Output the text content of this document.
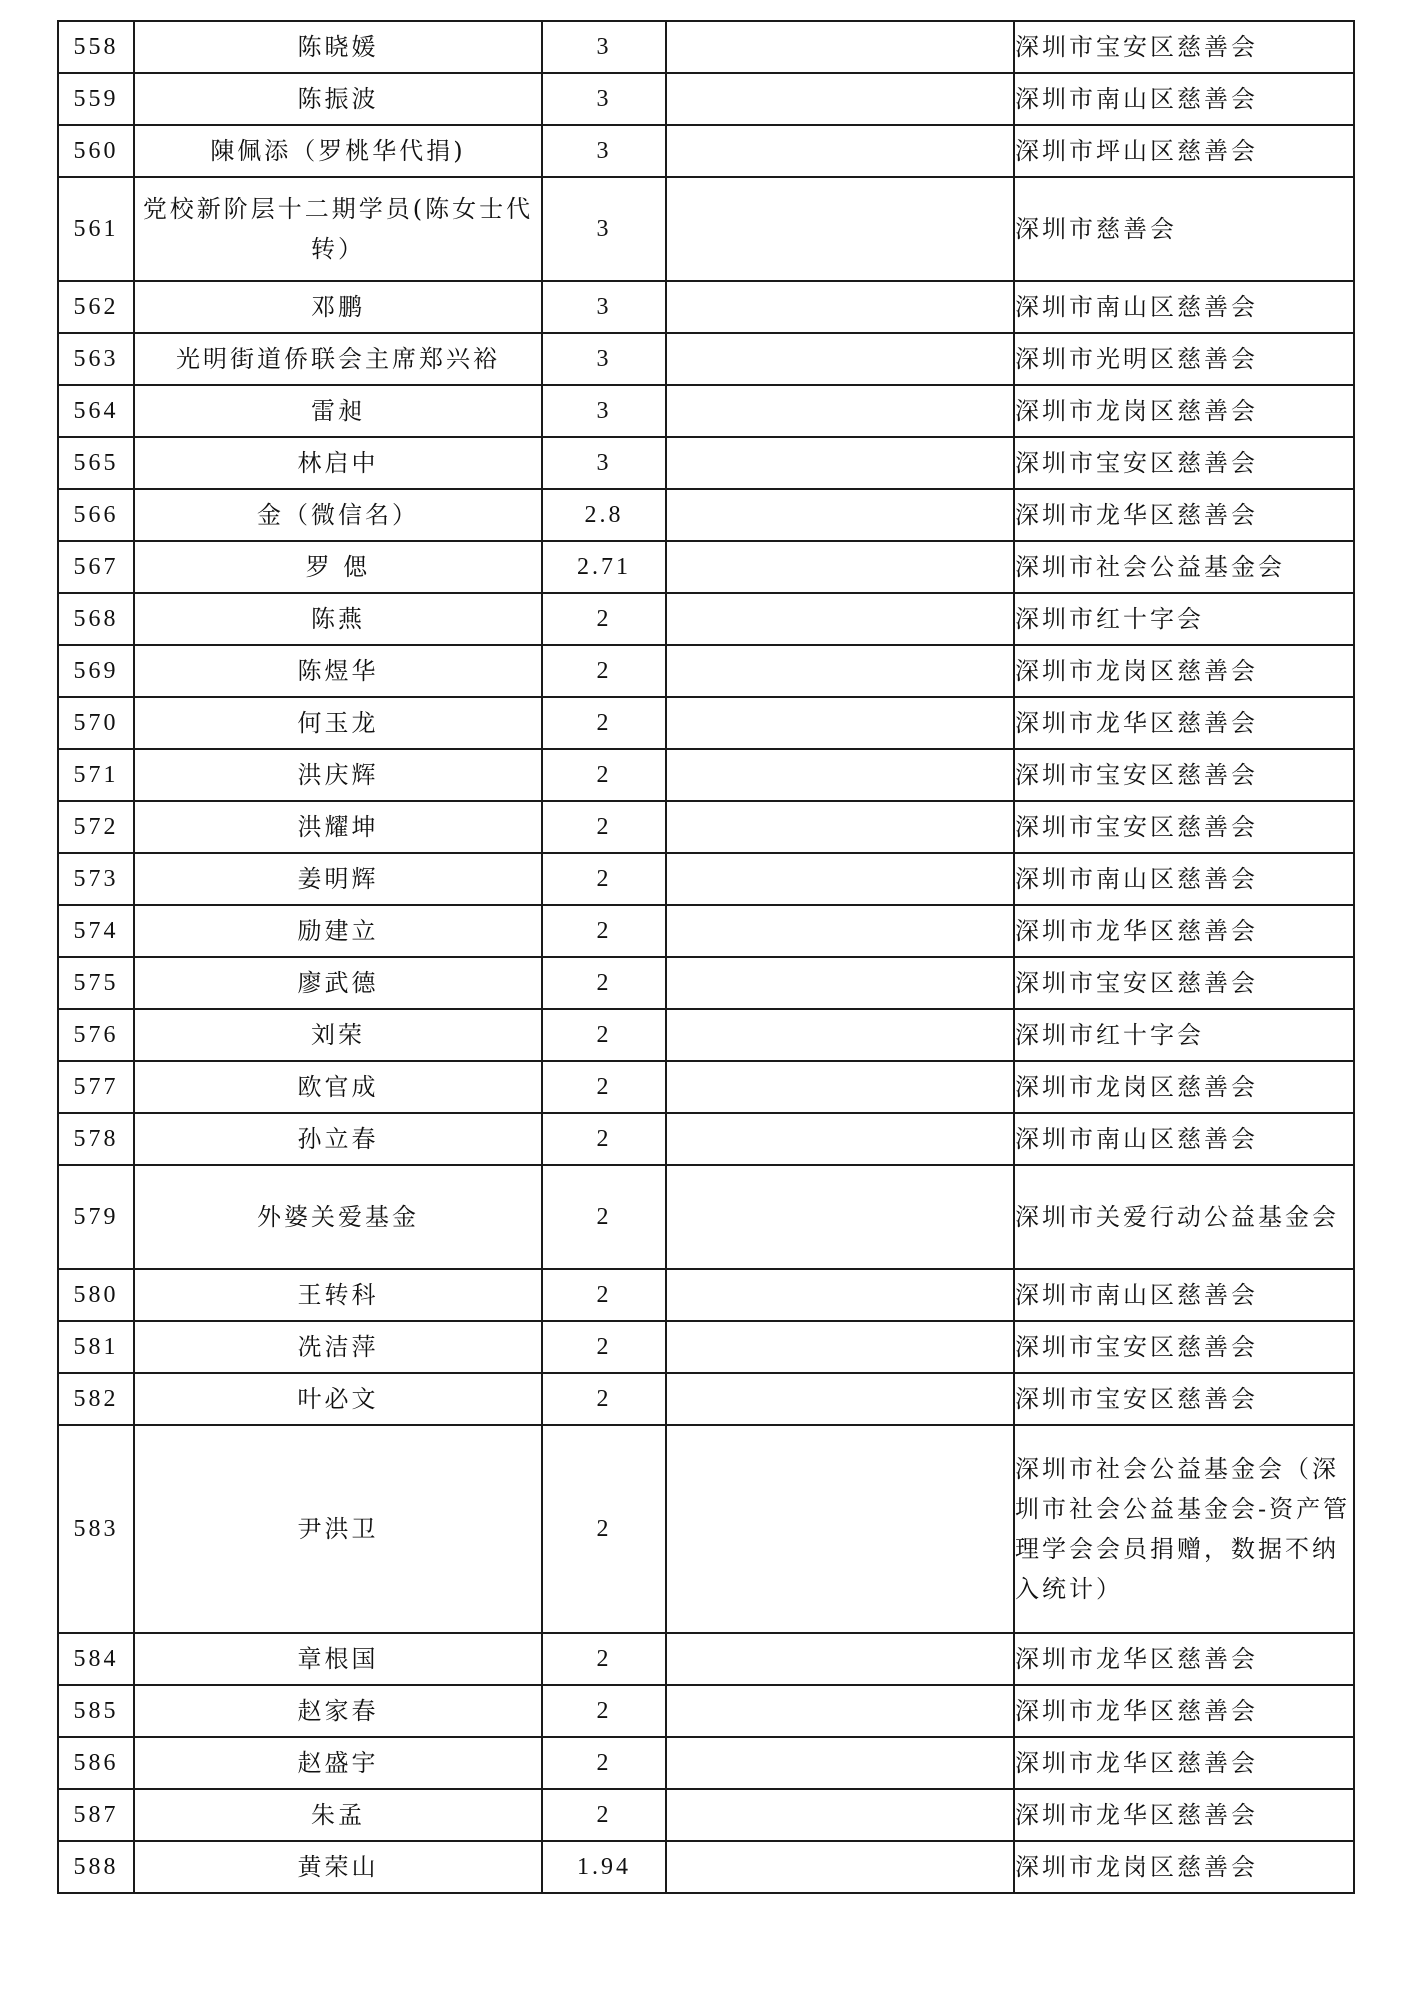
558	陈晓媛	3		深圳市宝安区慈善会
559	陈振波	3		深圳市南山区慈善会
560	陳佩添（罗桃华代捐)	3		深圳市坪山区慈善会
561	党校新阶层十二期学员(陈女士代转）	3		深圳市慈善会
562	邓鹏	3		深圳市南山区慈善会
563	光明街道侨联会主席郑兴裕	3		深圳市光明区慈善会
564	雷昶	3		深圳市龙岗区慈善会
565	林启中	3		深圳市宝安区慈善会
566	金（微信名）	2.8		深圳市龙华区慈善会
567	罗 偲	2.71		深圳市社会公益基金会
568	陈燕	2		深圳市红十字会
569	陈煜华	2		深圳市龙岗区慈善会
570	何玉龙	2		深圳市龙华区慈善会
571	洪庆辉	2		深圳市宝安区慈善会
572	洪耀坤	2		深圳市宝安区慈善会
573	姜明辉	2		深圳市南山区慈善会
574	励建立	2		深圳市龙华区慈善会
575	廖武德	2		深圳市宝安区慈善会
576	刘荣	2		深圳市红十字会
577	欧官成	2		深圳市龙岗区慈善会
578	孙立春	2		深圳市南山区慈善会
579	外婆关爱基金	2		深圳市关爱行动公益基金会
580	王转科	2		深圳市南山区慈善会
581	冼洁萍	2		深圳市宝安区慈善会
582	叶必文	2		深圳市宝安区慈善会
583	尹洪卫	2		深圳市社会公益基金会（深圳市社会公益基金会-资产管理学会会员捐赠，数据不纳入统计）
584	章根国	2		深圳市龙华区慈善会
585	赵家春	2		深圳市龙华区慈善会
586	赵盛宇	2		深圳市龙华区慈善会
587	朱孟	2		深圳市龙华区慈善会
588	黄荣山	1.94		深圳市龙岗区慈善会
